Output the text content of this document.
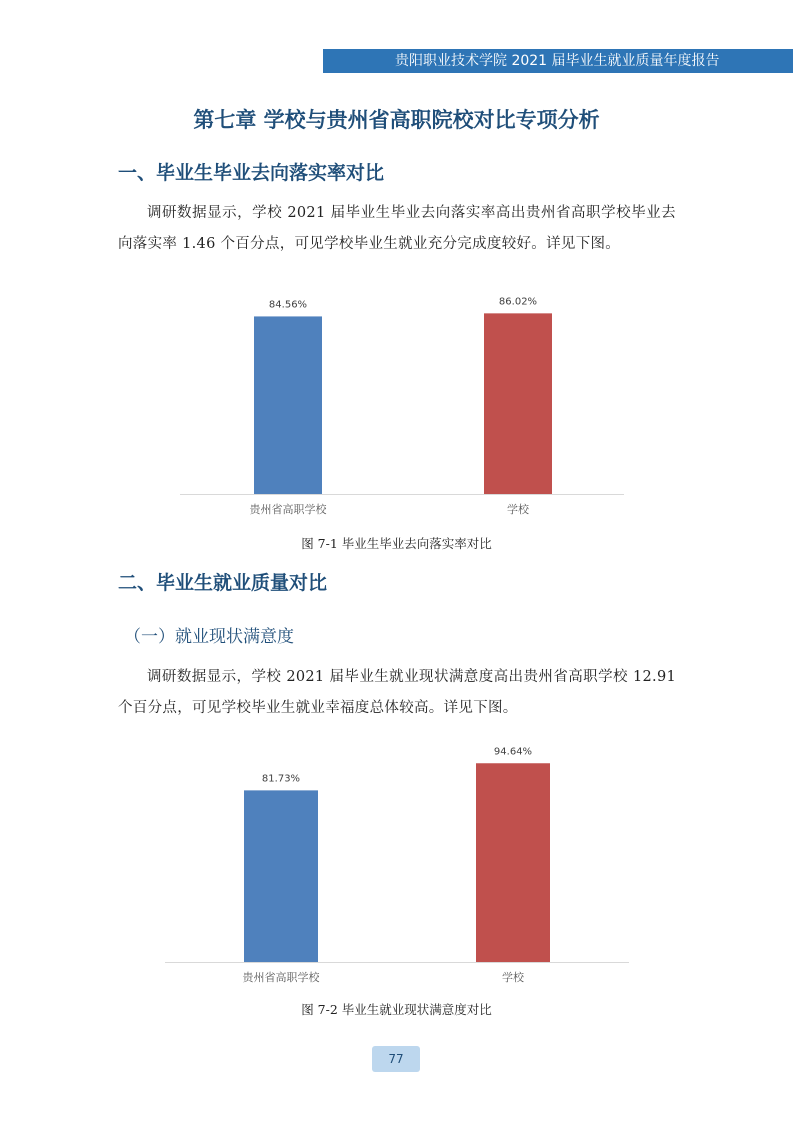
贵阳职业技术学院 2021 届毕业生就业质量年度报告
第七章 学校与贵州省高职院校对比专项分析
一、毕业生毕业去向落实率对比
调研数据显示，学校 2021 届毕业生毕业去向落实率高出贵州省高职学校毕业去向落实率 1.46 个百分点，可见学校毕业生就业充分完成度较好。详见下图。
84.56%
贵州省高职学校
86.02%
学校
图 7-1 毕业生毕业去向落实率对比
二、毕业生就业质量对比
（一）就业现状满意度
调研数据显示，学校 2021 届毕业生就业现状满意度高出贵州省高职学校 12.91 个百分点，可见学校毕业生就业幸福度总体较高。详见下图。
81.73%
贵州省高职学校
94.64%
学校
图 7-2 毕业生就业现状满意度对比
77
